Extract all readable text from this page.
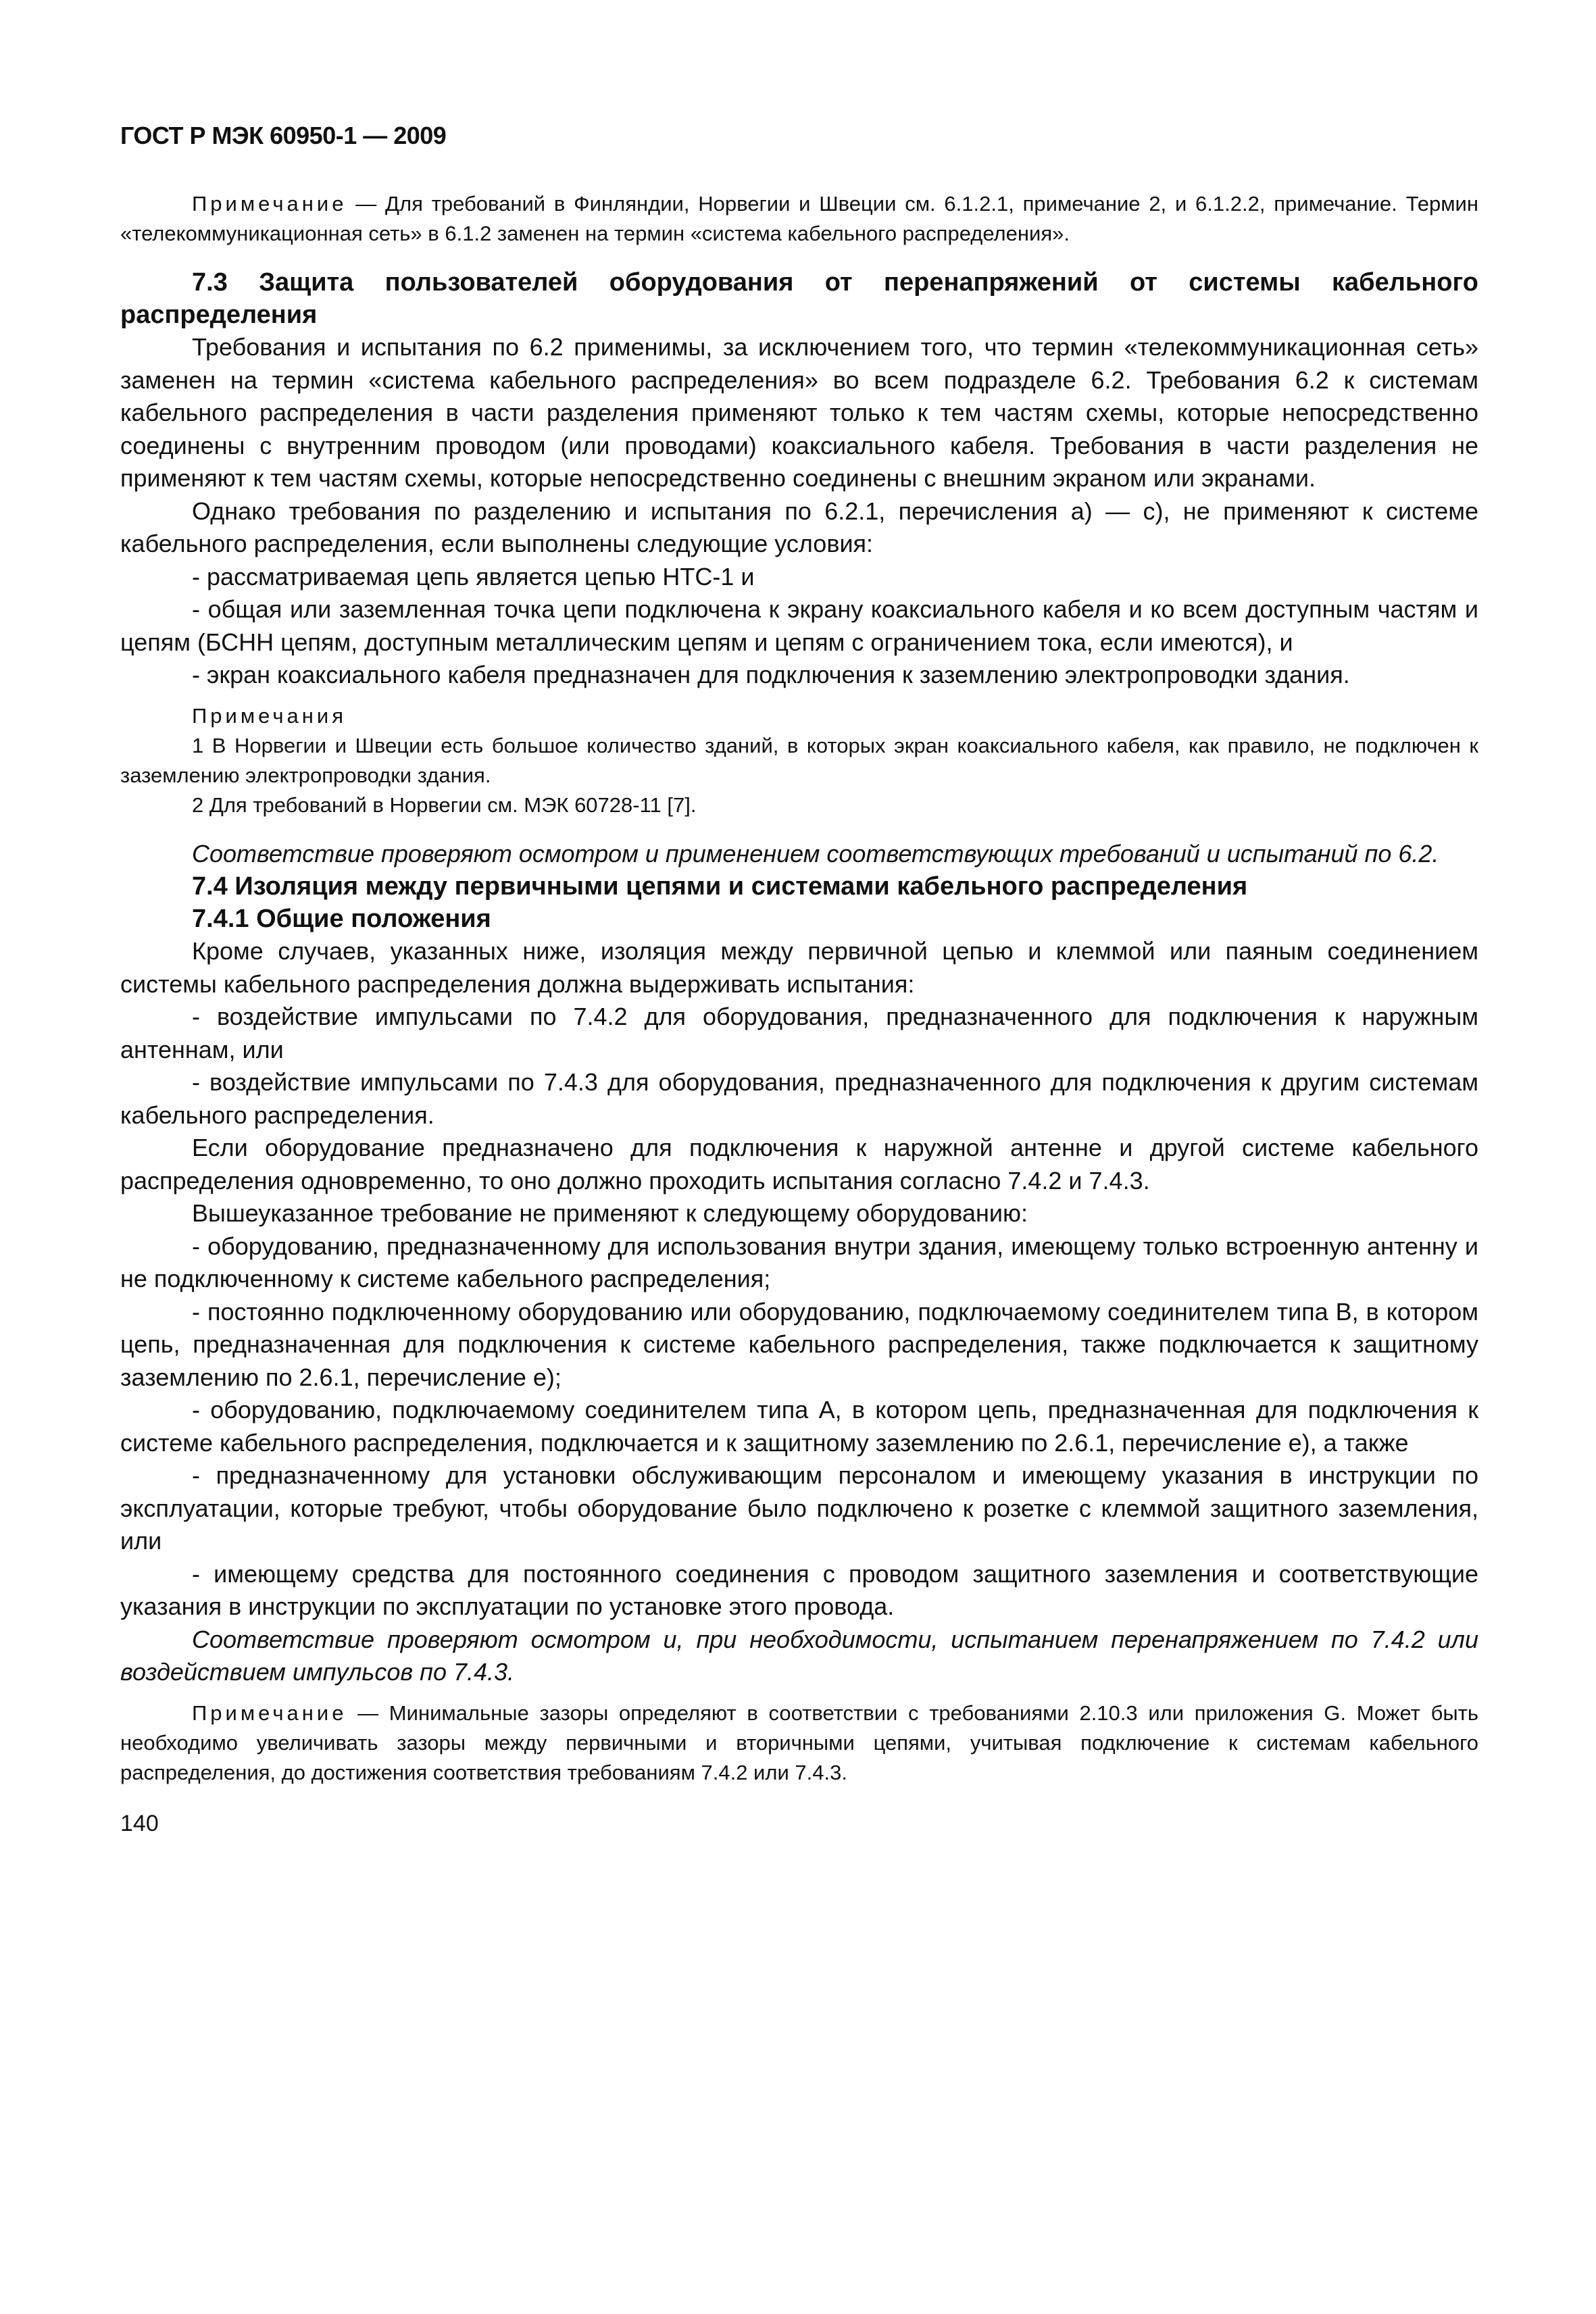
ГОСТ Р МЭК 60950-1 — 2009

Примечание — Для требований в Финляндии, Норвегии и Швеции см. 6.1.2.1, примечание 2, и 6.1.2.2, примечание. Термин «телекоммуникационная сеть» в 6.1.2 заменен на термин «система кабельного распределения».

7.3 Защита пользователей оборудования от перенапряжений от системы кабельного распределения

Требования и испытания по 6.2 применимы, за исключением того, что термин «телекоммуникационная сеть» заменен на термин «система кабельного распределения» во всем подразделе 6.2. Требования 6.2 к системам кабельного распределения в части разделения применяют только к тем частям схемы, которые непосредственно соединены с внутренним проводом (или проводами) коаксиального кабеля. Требования в части разделения не применяют к тем частям схемы, которые непосредственно соединены с внешним экраном или экранами.

Однако требования по разделению и испытания по 6.2.1, перечисления а) — с), не применяют к системе кабельного распределения, если выполнены следующие условия:

- рассматриваемая цепь является цепью НТС-1 и

- общая или заземленная точка цепи подключена к экрану коаксиального кабеля и ко всем доступным частям и цепям (БСНН цепям, доступным металлическим цепям и цепям с ограничением тока, если имеются), и

- экран коаксиального кабеля предназначен для подключения к заземлению электропроводки здания.

Примечания

1 В Норвегии и Швеции есть большое количество зданий, в которых экран коаксиального кабеля, как правило, не подключен к заземлению электропроводки здания.

2 Для требований в Норвегии см. МЭК 60728-11 [7].

Соответствие проверяют осмотром и применением соответствующих требований и испытаний по 6.2.

7.4 Изоляция между первичными цепями и системами кабельного распределения

7.4.1 Общие положения

Кроме случаев, указанных ниже, изоляция между первичной цепью и клеммой или паяным соединением системы кабельного распределения должна выдерживать испытания:

- воздействие импульсами по 7.4.2 для оборудования, предназначенного для подключения к наружным антеннам, или

- воздействие импульсами по 7.4.3 для оборудования, предназначенного для подключения к другим системам кабельного распределения.

Если оборудование предназначено для подключения к наружной антенне и другой системе кабельного распределения одновременно, то оно должно проходить испытания согласно 7.4.2 и 7.4.3.

Вышеуказанное требование не применяют к следующему оборудованию:

- оборудованию, предназначенному для использования внутри здания, имеющему только встроенную антенну и не подключенному к системе кабельного распределения;

- постоянно подключенному оборудованию или оборудованию, подключаемому соединителем типа В, в котором цепь, предназначенная для подключения к системе кабельного распределения, также подключается к защитному заземлению по 2.6.1, перечисление е);

- оборудованию, подключаемому соединителем типа А, в котором цепь, предназначенная для подключения к системе кабельного распределения, подключается и к защитному заземлению по 2.6.1, перечисление е), а также

- предназначенному для установки обслуживающим персоналом и имеющему указания в инструкции по эксплуатации, которые требуют, чтобы оборудование было подключено к розетке с клеммой защитного заземления, или

- имеющему средства для постоянного соединения с проводом защитного заземления и соответствующие указания в инструкции по эксплуатации по установке этого провода.

Соответствие проверяют осмотром и, при необходимости, испытанием перенапряжением по 7.4.2 или воздействием импульсов по 7.4.3.

Примечание — Минимальные зазоры определяют в соответствии с требованиями 2.10.3 или приложения G. Может быть необходимо увеличивать зазоры между первичными и вторичными цепями, учитывая подключение к системам кабельного распределения, до достижения соответствия требованиям 7.4.2 или 7.4.3.

140
